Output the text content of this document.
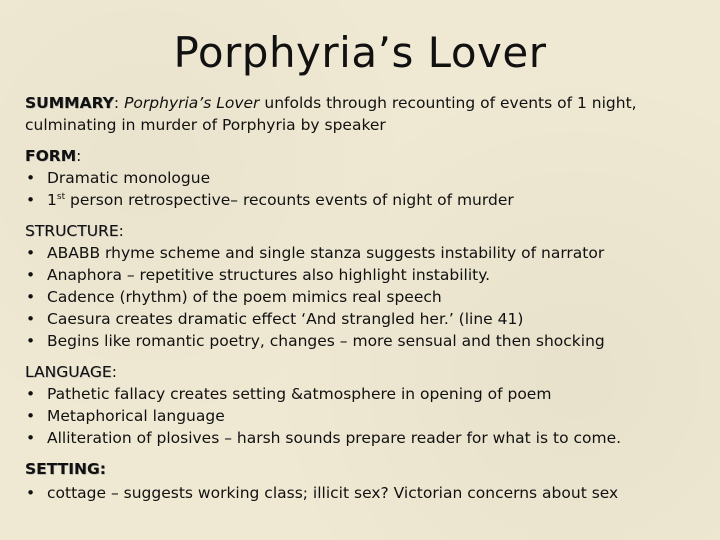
Porphyria’s Lover

SUMMARY: Porphyria’s Lover unfolds through recounting of events of 1 night,

culminating in murder of Porphyria by speaker

FORM:

• Dramatic monologue
• 1st person retrospective– recounts events of night of murder

STRUCTURE:

• ABABB rhyme scheme and single stanza suggests instability of narrator
• Anaphora – repetitive structures also highlight instability.
• Cadence (rhythm) of the poem mimics real speech
• Caesura creates dramatic effect ‘And strangled her.’ (line 41)
• Begins like romantic poetry, changes – more sensual and then shocking

LANGUAGE:

• Pathetic fallacy creates setting &atmosphere in opening of poem
• Metaphorical language
• Alliteration of plosives – harsh sounds prepare reader for what is to come.

SETTING:

• cottage – suggests working class; illicit sex? Victorian concerns about sex
